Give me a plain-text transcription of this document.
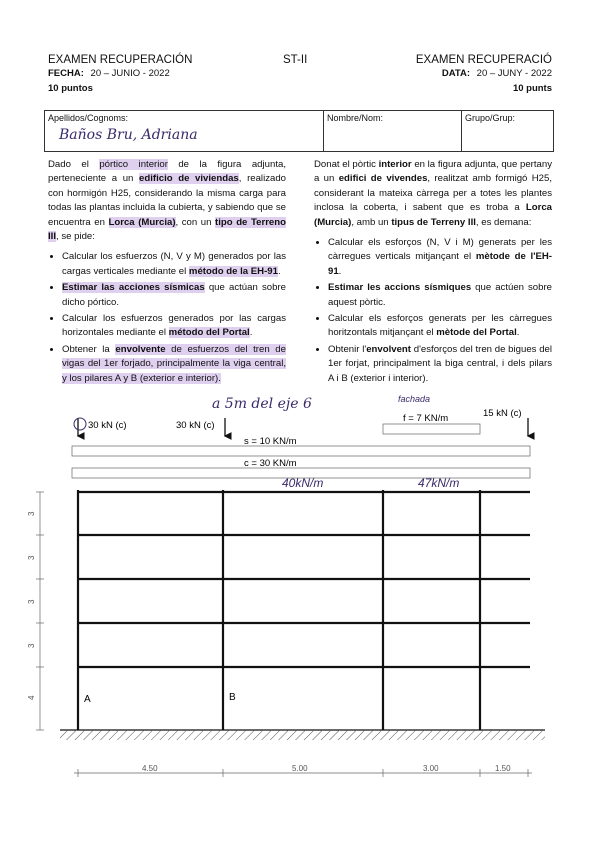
EXAMEN RECUPERACIÓN
FECHA: 20 – JUNIO - 2022
10 puntos
ST-II	EXAMEN RECUPERACIÓ
DATA: 20 – JUNY - 2022
10 punts
Apellidos/Cognoms:
Baños Bru, Adriana
Nombre/Nom:	Grupo/Grup:
Dado el pórtico interior de la figura adjunta, perteneciente a un edificio de viviendas, realizado con hormigón H25, considerando la misma carga para todas las plantas incluida la cubierta, y sabiendo que se encuentra en Lorca (Murcia), con un tipo de Terreno III, se pide:
• Calcular los esfuerzos (N, V y M) generados por las cargas verticales mediante el método de la EH-91.
• Estimar las acciones sísmicas que actúan sobre dicho pórtico.
• Calcular los esfuerzos generados por las cargas horizontales mediante el método del Portal.
• Obtener la envolvente de esfuerzos del tren de vigas del 1er forjado, principalmente la viga central, y los pilares A y B (exterior e interior).
Donat el pòrtic interior en la figura adjunta, que pertany a un edifici de vivendes, realitzat amb formigó H25, considerant la mateixa càrrega per a totes les plantes inclosa la coberta, i sabent que es troba a Lorca (Murcia), amb un tipus de Terreny III, es demana:
• Calcular els esforços (N, V i M) generats per les càrregues verticals mitjançant el mètode de l'EH-91.
• Estimar les accions sísmiques que actúen sobre aquest pòrtic.
• Calcular els esforços generats per les càrregues horitzontals mitjançant el mètode del Portal.
• Obtenir l'envolvent d'esforços del tren de bigues del 1er forjat, principalment la biga central, i dels pilars A i B (exterior i interior).
a 5m del eje 6	fachada
30 kN (c)	30 kN (c)
15 kN (c)
f = 7 KN/m
s = 10 KN/m
c = 30 KN/m
40kN/m	47kN/m
A	B
3
3
3
3
4
4.50	5.00	3.00	1.50
